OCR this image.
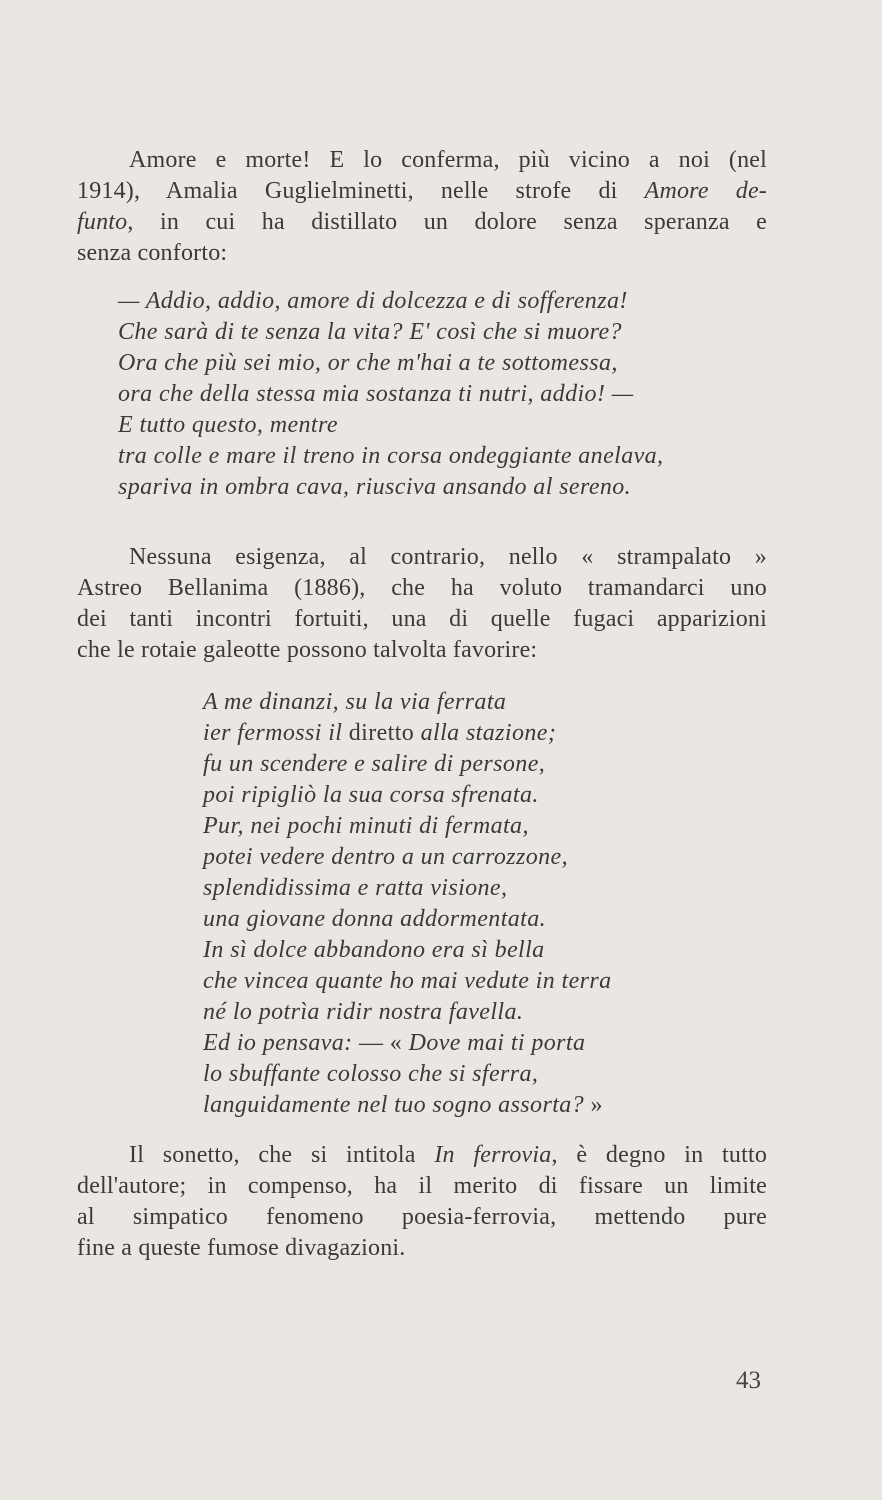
Amore e morte! E lo conferma, più vicino a noi (nel
1914), Amalia Guglielminetti, nelle strofe di Amore de-
funto, in cui ha distillato un dolore senza speranza e
senza conforto:
— Addio, addio, amore di dolcezza e di sofferenza!
Che sarà di te senza la vita? E' così che si muore?
Ora che più sei mio, or che m'hai a te sottomessa,
ora che della stessa mia sostanza ti nutri, addio! —
E tutto questo, mentre
tra colle e mare il treno in corsa ondeggiante anelava,
spariva in ombra cava, riusciva ansando al sereno.
Nessuna esigenza, al contrario, nello « strampalato »
Astreo Bellanima (1886), che ha voluto tramandarci uno
dei tanti incontri fortuiti, una di quelle fugaci apparizioni
che le rotaie galeotte possono talvolta favorire:
A me dinanzi, su la via ferrata
ier fermossi il diretto alla stazione;
fu un scendere e salire di persone,
poi ripigliò la sua corsa sfrenata.
Pur, nei pochi minuti di fermata,
potei vedere dentro a un carrozzone,
splendidissima e ratta visione,
una giovane donna addormentata.
In sì dolce abbandono era sì bella
che vincea quante ho mai vedute in terra
né lo potrìa ridir nostra favella.
Ed io pensava: — « Dove mai ti porta
lo sbuffante colosso che si sferra,
languidamente nel tuo sogno assorta? »
Il sonetto, che si intitola In ferrovia, è degno in tutto
dell'autore; in compenso, ha il merito di fissare un limite
al simpatico fenomeno poesia-ferrovia, mettendo pure
fine a queste fumose divagazioni.
43
